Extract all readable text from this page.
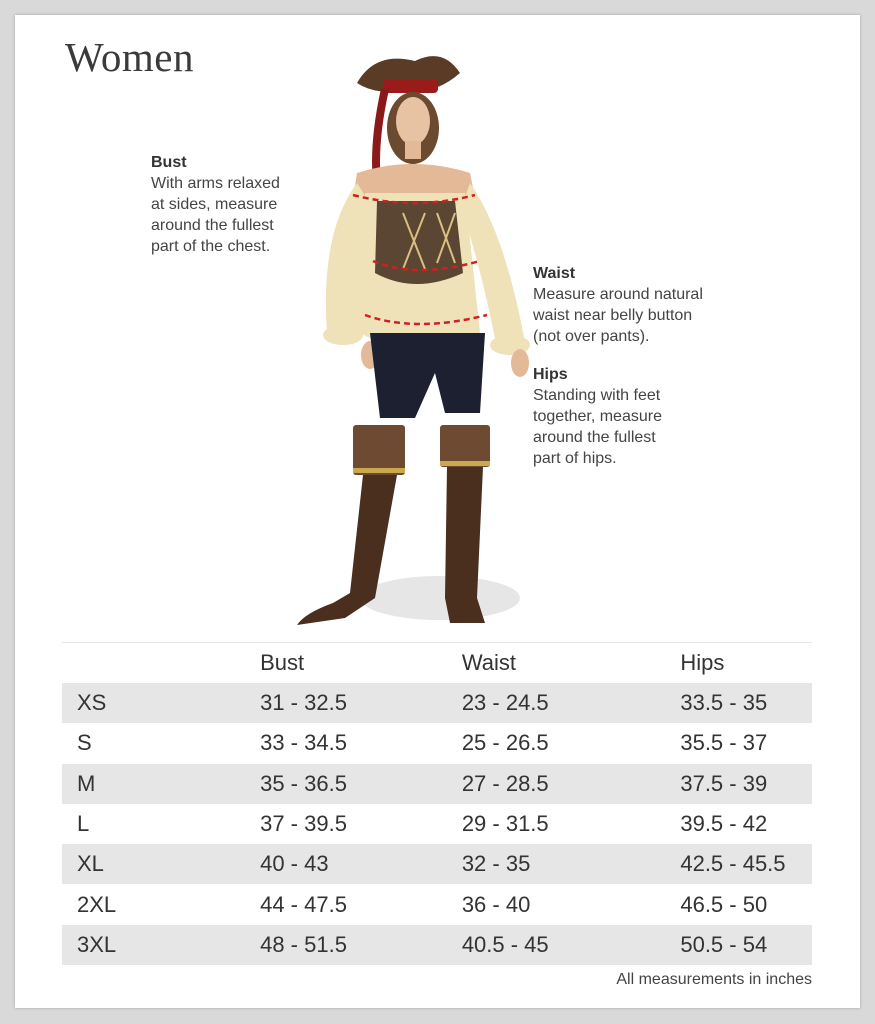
Women
Bust
With arms relaxed
at sides, measure
around the fullest
part of the chest.
Waist
Measure around natural
waist near belly button
(not over pants).
Hips
Standing with feet
together, measure
around the fullest
part of hips.
	Bust	Waist	Hips
XS	31 - 32.5	23 - 24.5	33.5 - 35
S	33 - 34.5	25 - 26.5	35.5 - 37
M	35 - 36.5	27 - 28.5	37.5 - 39
L	37 - 39.5	29 - 31.5	39.5 - 42
XL	40 - 43	32 - 35	42.5 - 45.5
2XL	44 - 47.5	36 - 40	46.5 - 50
3XL	48 - 51.5	40.5 - 45	50.5 - 54
All measurements in inches
